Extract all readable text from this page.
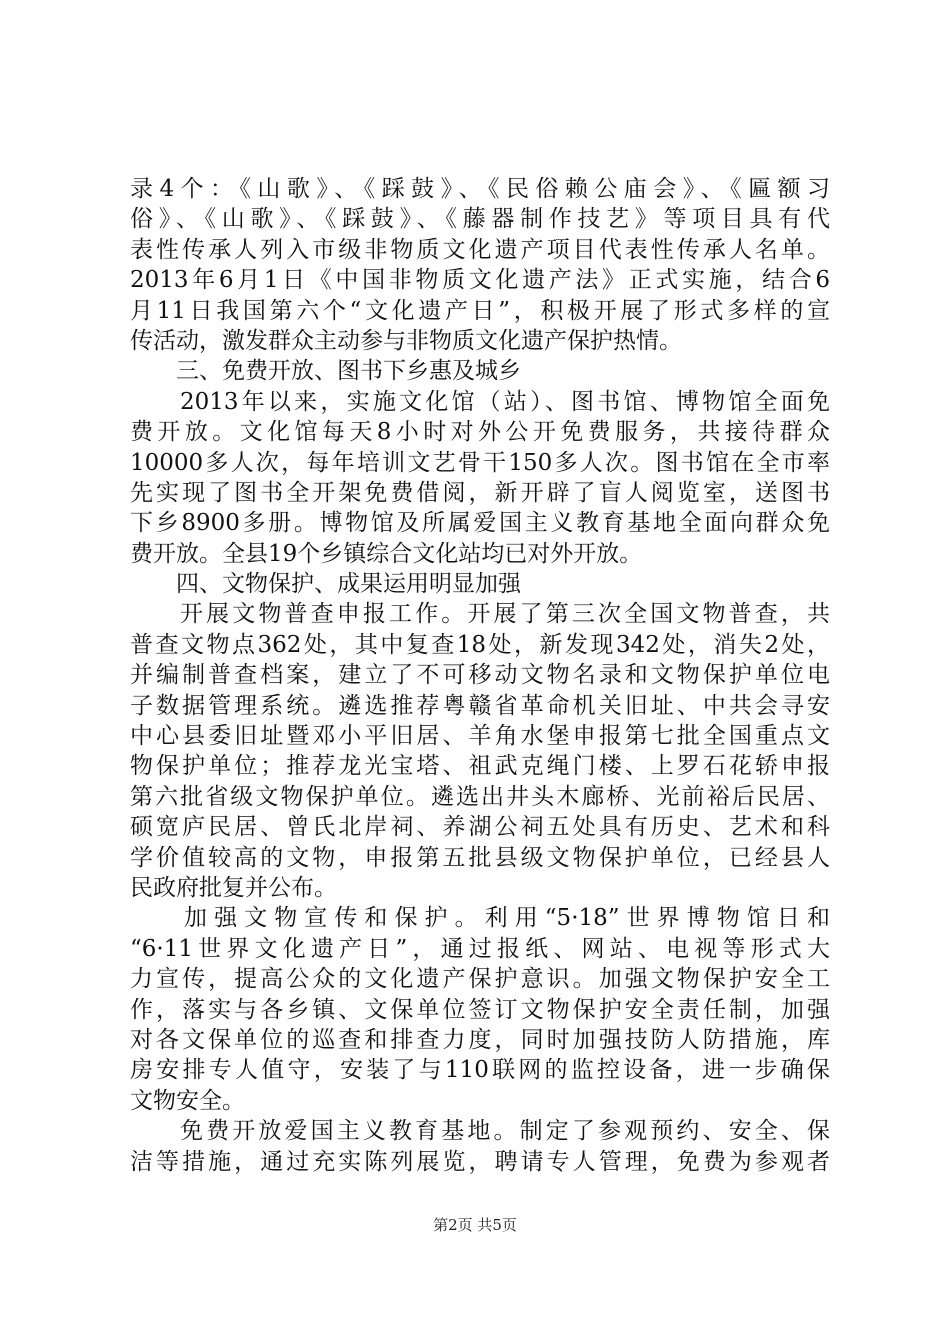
录4个：《山歌》、《踩鼓》、《民俗赖公庙会》、《匾额习
俗》、《山歌》、《踩鼓》、《藤器制作技艺》等项目具有代
表性传承人列入市级非物质文化遗产项目代表性传承人名单。
2013年6月1日《中国非物质文化遗产法》正式实施，结合6
月11日我国第六个“文化遗产日”，积极开展了形式多样的宣
传活动，激发群众主动参与非物质文化遗产保护热情。
三、免费开放、图书下乡惠及城乡
2013年以来，实施文化馆（站）、图书馆、博物馆全面免
费开放。文化馆每天8小时对外公开免费服务，共接待群众
10000多人次，每年培训文艺骨干150多人次。图书馆在全市率
先实现了图书全开架免费借阅，新开辟了盲人阅览室，送图书
下乡8900多册。博物馆及所属爱国主义教育基地全面向群众免
费开放。全县19个乡镇综合文化站均已对外开放。
四、文物保护、成果运用明显加强
开展文物普查申报工作。开展了第三次全国文物普查，共
普查文物点362处，其中复查18处，新发现342处，消失2处，
并编制普查档案，建立了不可移动文物名录和文物保护单位电
子数据管理系统。遴选推荐粤赣省革命机关旧址、中共会寻安
中心县委旧址暨邓小平旧居、羊角水堡申报第七批全国重点文
物保护单位；推荐龙光宝塔、祖武克绳门楼、上罗石花轿申报
第六批省级文物保护单位。遴选出井头木廊桥、光前裕后民居、
硕宽庐民居、曾氏北岸祠、养湖公祠五处具有历史、艺术和科
学价值较高的文物，申报第五批县级文物保护单位，已经县人
民政府批复并公布。
加强文物宣传和保护。利用“5·18”世界博物馆日和
“6·11世界文化遗产日”，通过报纸、网站、电视等形式大
力宣传，提高公众的文化遗产保护意识。加强文物保护安全工
作，落实与各乡镇、文保单位签订文物保护安全责任制，加强
对各文保单位的巡查和排查力度，同时加强技防人防措施，库
房安排专人值守，安装了与110联网的监控设备，进一步确保
文物安全。
免费开放爱国主义教育基地。制定了参观预约、安全、保
洁等措施，通过充实陈列展览，聘请专人管理，免费为参观者
第2页 共5页
